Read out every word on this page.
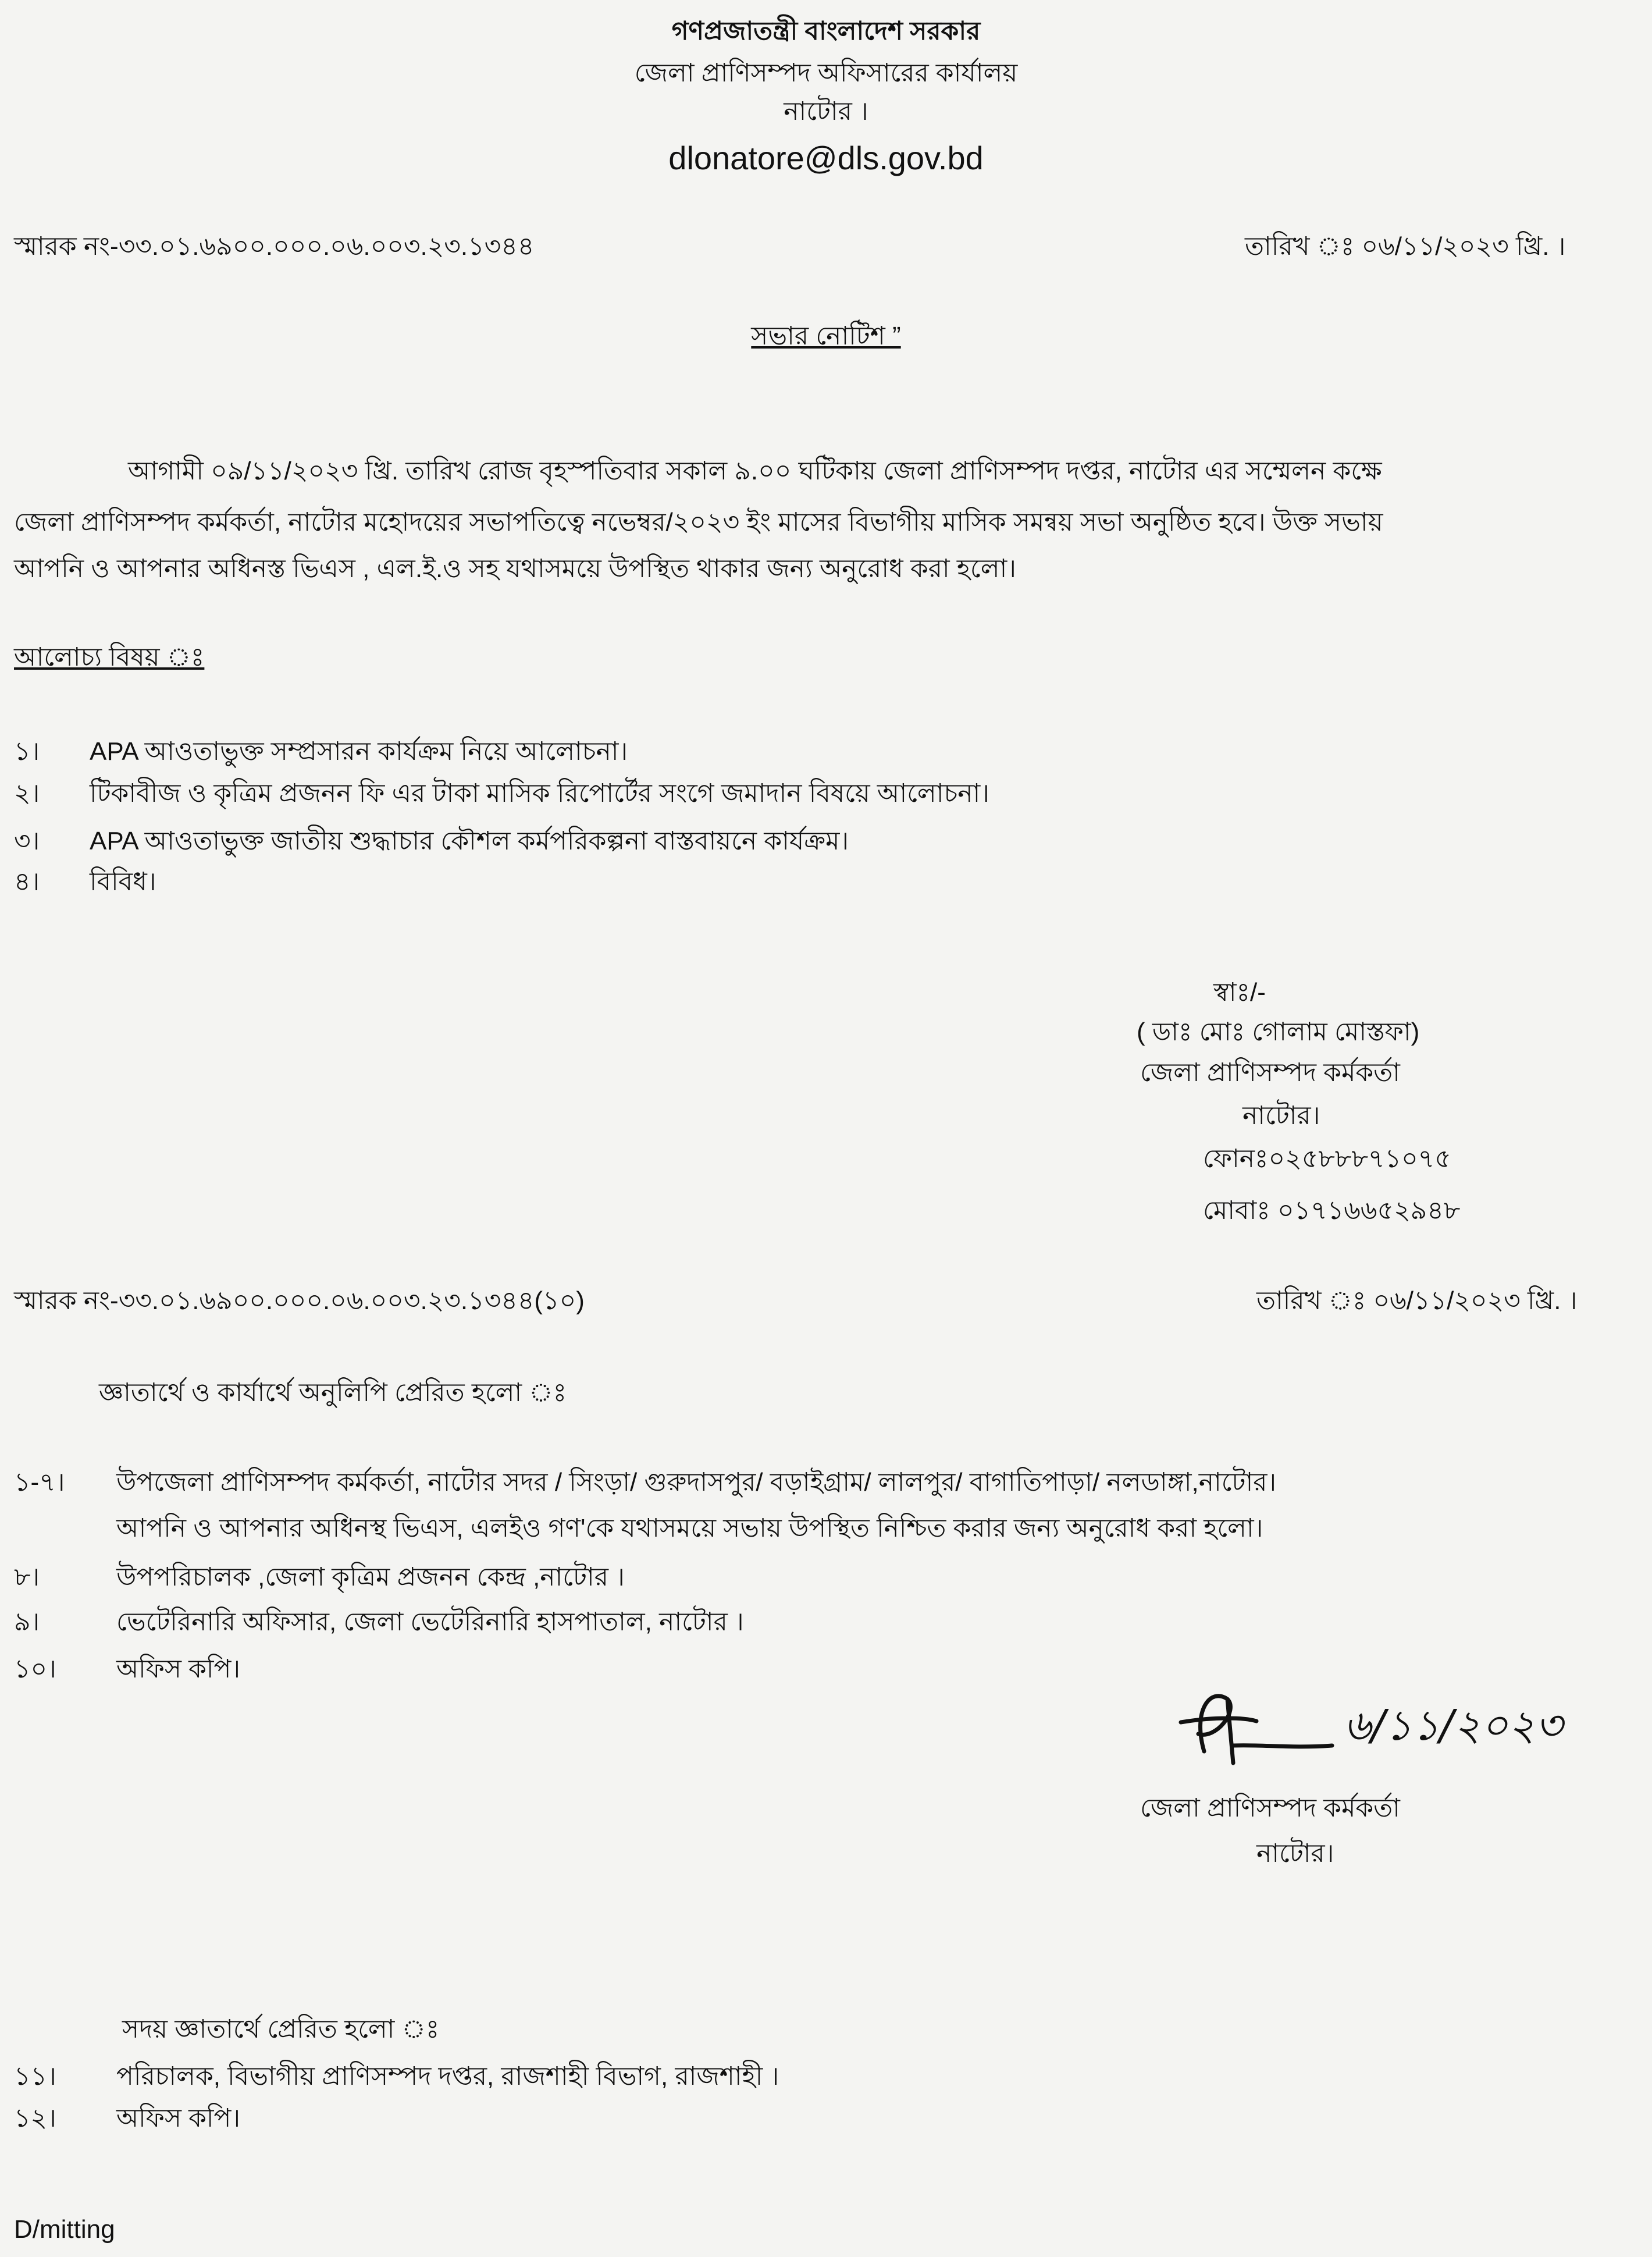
গণপ্রজাতন্ত্রী বাংলাদেশ সরকার
জেলা প্রাণিসম্পদ অফিসারের কার্যালয়
নাটোর ।
dlonatore@dls.gov.bd
স্মারক নং-৩৩.০১.৬৯০০.০০০.০৬.০০৩.২৩.১৩৪৪	তারিখ ঃ ০৬/১১/২০২৩ খ্রি. ।
সভার নোটিশ ”
আগামী ০৯/১১/২০২৩ খ্রি. তারিখ রোজ বৃহস্পতিবার সকাল ৯.০০ ঘটিকায় জেলা প্রাণিসম্পদ দপ্তর, নাটোর এর সম্মেলন কক্ষে
জেলা প্রাণিসম্পদ কর্মকর্তা, নাটোর মহোদয়ের সভাপতিত্বে নভেম্বর/২০২৩ ইং মাসের বিভাগীয় মাসিক সমন্বয় সভা অনুষ্ঠিত হবে। উক্ত সভায়
আপনি ও আপনার অধিনস্ত ভিএস , এল.ই.ও সহ যথাসময়ে উপস্থিত থাকার জন্য অনুরোধ করা হলো।
আলোচ্য বিষয় ঃ
১। APA আওতাভুক্ত সম্প্রসারন কার্যক্রম নিয়ে আলোচনা।
২। টিকাবীজ ও কৃত্রিম প্রজনন ফি এর টাকা মাসিক রিপোর্টের সংগে জমাদান বিষয়ে আলোচনা।
৩। APA আওতাভুক্ত জাতীয় শুদ্ধাচার কৌশল কর্মপরিকল্পনা বাস্তবায়নে কার্যক্রম।
৪। বিবিধ।
স্বাঃ/-
( ডাঃ মোঃ গোলাম মোস্তফা)
জেলা প্রাণিসম্পদ কর্মকর্তা
নাটোর।
ফোনঃ০২৫৮৮৮৭১০৭৫
মোবাঃ ০১৭১৬৬৫২৯৪৮
স্মারক নং-৩৩.০১.৬৯০০.০০০.০৬.০০৩.২৩.১৩৪৪(১০)	তারিখ ঃ ০৬/১১/২০২৩ খ্রি. ।
জ্ঞাতার্থে ও কার্যার্থে অনুলিপি প্রেরিত হলো ঃ
১-৭। উপজেলা প্রাণিসম্পদ কর্মকর্তা, নাটোর সদর / সিংড়া/ গুরুদাসপুর/ বড়াইগ্রাম/ লালপুর/ বাগাতিপাড়া/ নলডাঙ্গা,নাটোর।
আপনি ও আপনার অধিনস্থ ভিএস, এলইও গণ'কে যথাসময়ে সভায় উপস্থিত নিশ্চিত করার জন্য অনুরোধ করা হলো।
৮।	উপপরিচালক ,জেলা কৃত্রিম প্রজনন কেন্দ্র ,নাটোর ।
৯।	ভেটেরিনারি অফিসার, জেলা ভেটেরিনারি হাসপাতাল, নাটোর ।
১০। অফিস কপি।
৬/১১/২০২৩
জেলা প্রাণিসম্পদ কর্মকর্তা
নাটোর।
সদয় জ্ঞাতার্থে প্রেরিত হলো ঃ
১১। পরিচালক, বিভাগীয় প্রাণিসম্পদ দপ্তর, রাজশাহী বিভাগ, রাজশাহী ।
১২। অফিস কপি।
D/mitting
